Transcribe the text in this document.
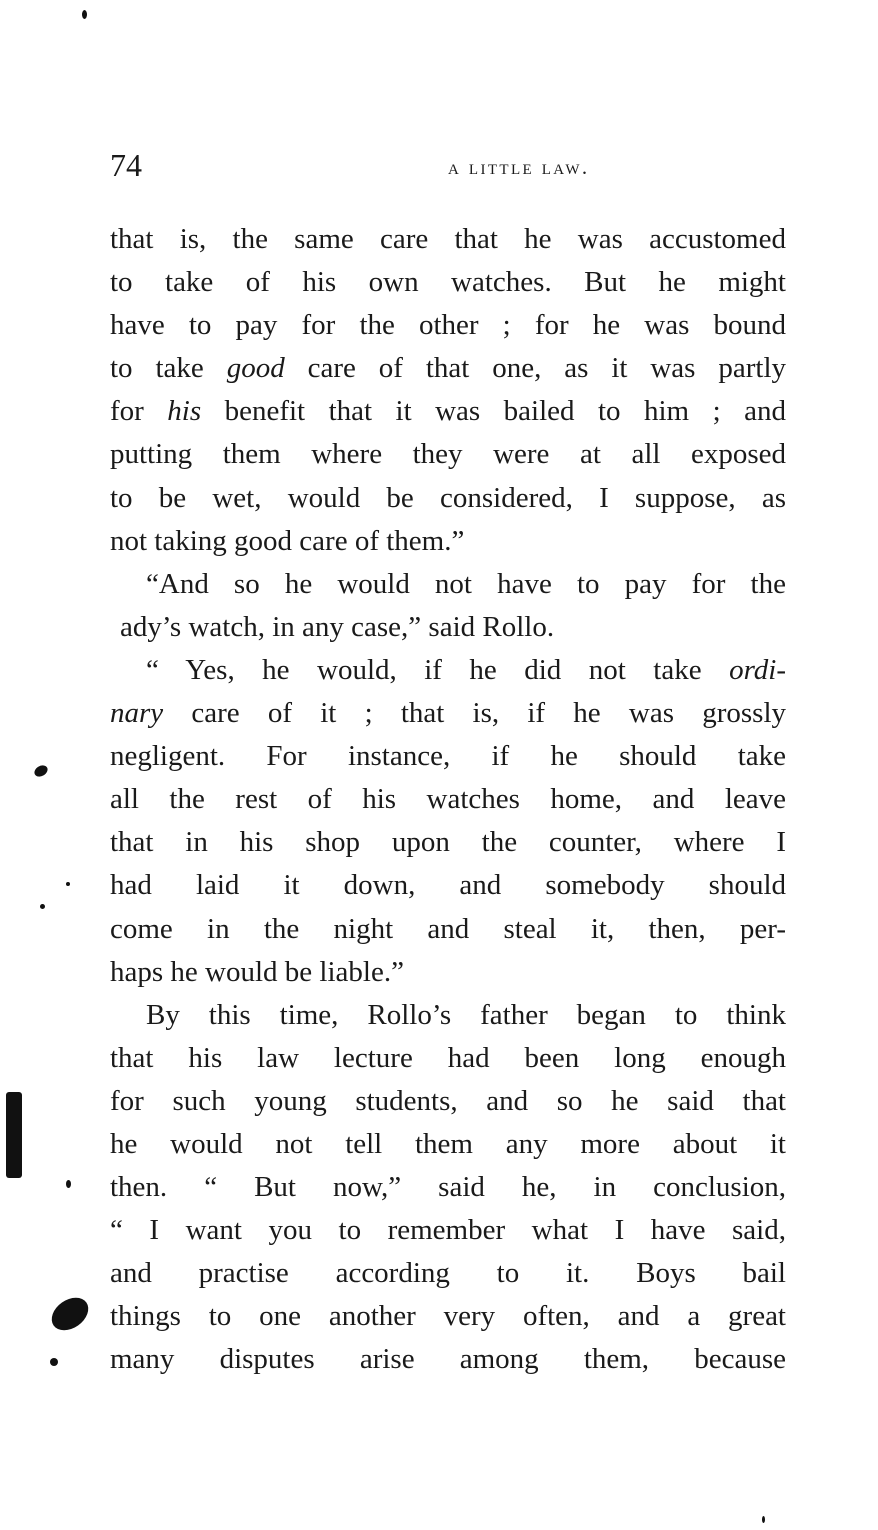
74	a little law.
that is, the same care that he was accustomed
to take of his own watches. But he might
have to pay for the other ; for he was bound
to take good care of that one, as it was partly
for his benefit that it was bailed to him ; and
putting them where they were at all exposed
to be wet, would be considered, I suppose, as
not taking good care of them.”
“And so he would not have to pay for the
ady’s watch, in any case,” said Rollo.
“ Yes, he would, if he did not take ordi-
nary care of it ; that is, if he was grossly
negligent. For instance, if he should take
all the rest of his watches home, and leave
that in his shop upon the counter, where I
had laid it down, and somebody should
come in the night and steal it, then, per-
haps he would be liable.”
By this time, Rollo’s father began to think
that his law lecture had been long enough
for such young students, and so he said that
he would not tell them any more about it
then. “ But now,” said he, in conclusion,
“ I want you to remember what I have said,
and practise according to it. Boys bail
things to one another very often, and a great
many disputes arise among them, because
